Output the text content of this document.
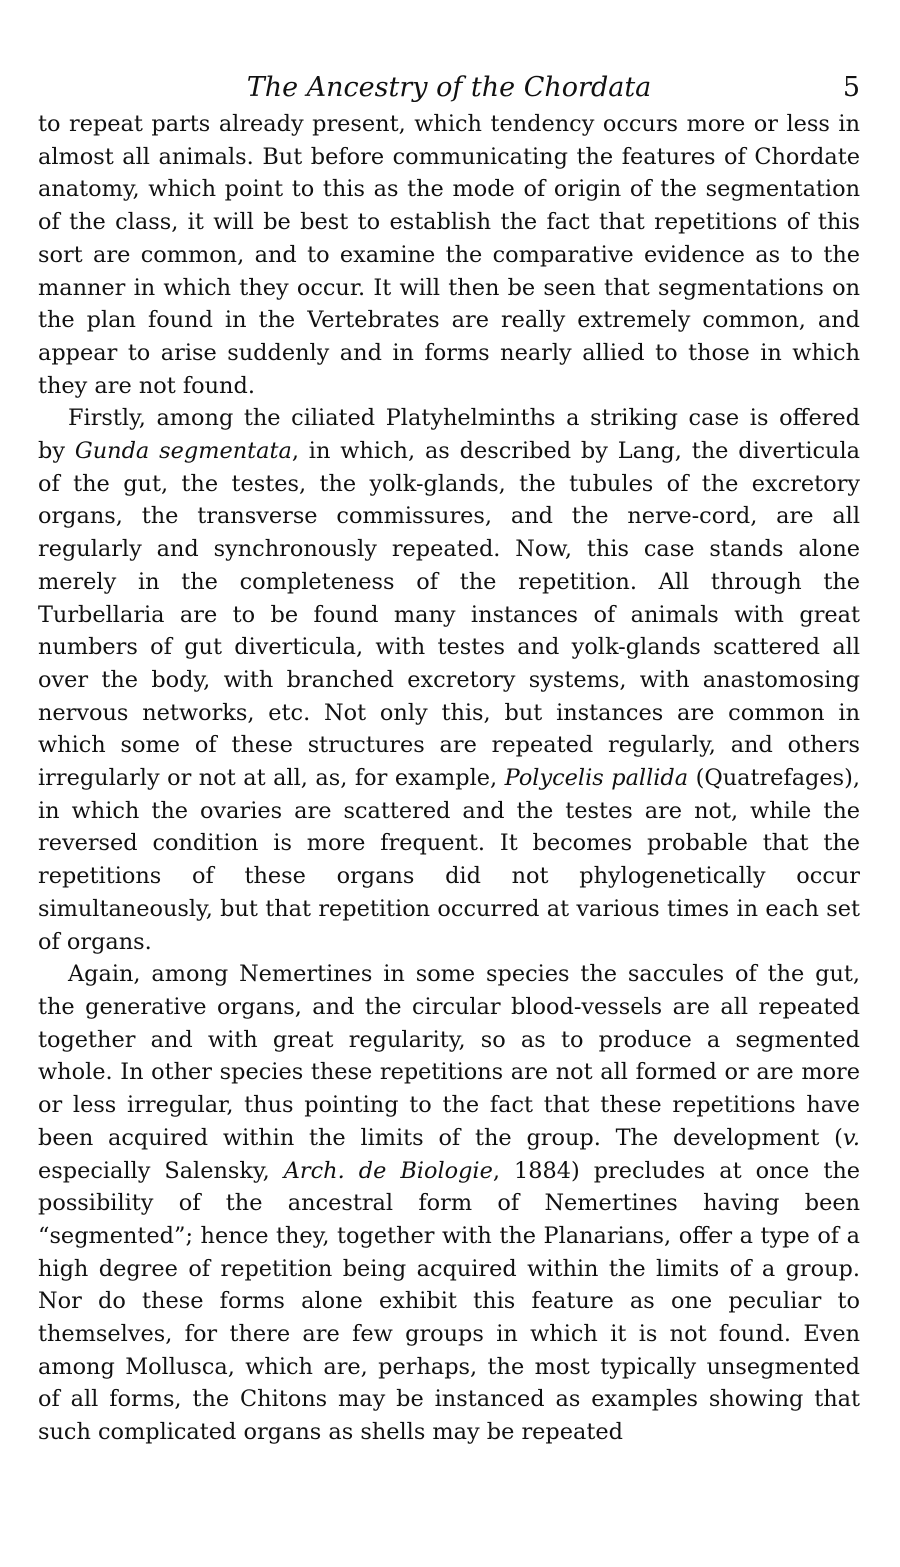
The Ancestry of the Chordata	5

to repeat parts already present, which tendency occurs more or less in almost all animals. But before communicating the features of Chordate anatomy, which point to this as the mode of origin of the segmentation of the class, it will be best to establish the fact that repetitions of this sort are common, and to examine the comparative evidence as to the manner in which they occur. It will then be seen that segmentations on the plan found in the Vertebrates are really extremely common, and appear to arise suddenly and in forms nearly allied to those in which they are not found.

Firstly, among the ciliated Platyhelminths a striking case is offered by Gunda segmentata, in which, as described by Lang, the diverticula of the gut, the testes, the yolk-glands, the tubules of the excretory organs, the transverse commissures, and the nerve-cord, are all regularly and synchronously repeated. Now, this case stands alone merely in the completeness of the repetition. All through the Turbellaria are to be found many instances of animals with great numbers of gut diverticula, with testes and yolk-glands scattered all over the body, with branched excretory systems, with anastomosing nervous networks, etc. Not only this, but instances are common in which some of these structures are repeated regularly, and others irregularly or not at all, as, for example, Polycelis pallida (Quatrefages), in which the ovaries are scattered and the testes are not, while the reversed condition is more frequent. It becomes probable that the repetitions of these organs did not phylogenetically occur simultaneously, but that repetition occurred at various times in each set of organs.

Again, among Nemertines in some species the saccules of the gut, the generative organs, and the circular blood-vessels are all repeated together and with great regularity, so as to produce a segmented whole. In other species these repetitions are not all formed or are more or less irregular, thus pointing to the fact that these repetitions have been acquired within the limits of the group. The development (v. especially Salensky, Arch. de Biologie, 1884) precludes at once the possibility of the ancestral form of Nemertines having been “segmented”; hence they, together with the Planarians, offer a type of a high degree of repetition being acquired within the limits of a group. Nor do these forms alone exhibit this feature as one peculiar to themselves, for there are few groups in which it is not found. Even among Mollusca, which are, perhaps, the most typically unsegmented of all forms, the Chitons may be instanced as examples showing that such complicated organs as shells may be repeated
